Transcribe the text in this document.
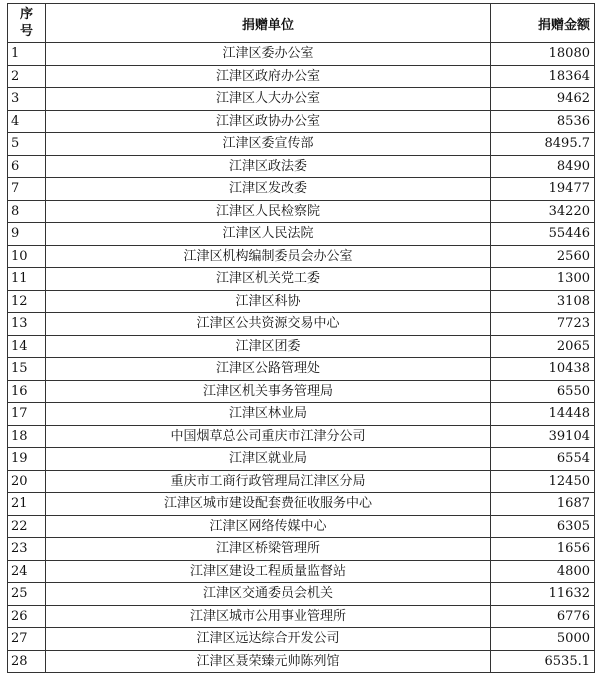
序
号	捐赠单位	捐赠金额
1	江津区委办公室	18080
2	江津区政府办公室	18364
3	江津区人大办公室	9462
4	江津区政协办公室	8536
5	江津区委宣传部	8495.7
6	江津区政法委	8490
7	江津区发改委	19477
8	江津区人民检察院	34220
9	江津区人民法院	55446
10	江津区机构编制委员会办公室	2560
11	江津区机关党工委	1300
12	江津区科协	3108
13	江津区公共资源交易中心	7723
14	江津区团委	2065
15	江津区公路管理处	10438
16	江津区机关事务管理局	6550
17	江津区林业局	14448
18	中国烟草总公司重庆市江津分公司	39104
19	江津区就业局	6554
20	重庆市工商行政管理局江津区分局	12450
21	江津区城市建设配套费征收服务中心	1687
22	江津区网络传媒中心	6305
23	江津区桥梁管理所	1656
24	江津区建设工程质量监督站	4800
25	江津区交通委员会机关	11632
26	江津区城市公用事业管理所	6776
27	江津区远达综合开发公司	5000
28	江津区聂荣臻元帅陈列馆	6535.1
